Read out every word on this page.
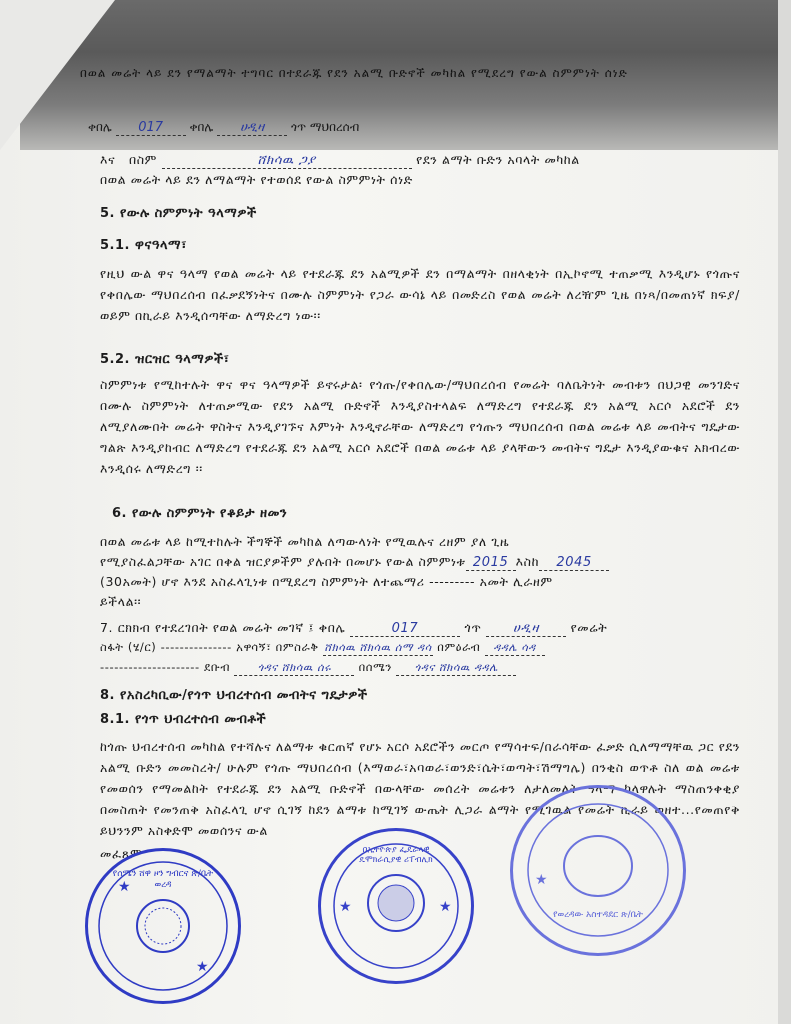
በወል መሬት ላይ ደን የማልማት ተግባር በተደራጁ የደን አልሚ ቡድኖች መካከል የሚደረግ የውል ስምምነት ሰነድ
ቀበሌ 017 ቀበሌ ሀዲዛ ጎጥ ማህበረሰብ
እና በስም	ሸክሳዉ ጋያ	የደን ልማት ቡድን አባላት መካከል
በወል መሬት ላይ ደን ለማልማት የተወሰደ የውል ስምምነት ሰነድ
5. የውሉ ስምምነት ዓላማዎች
5.1. ዋናዓላማ፣
የዚህ ውል ዋና ዓላማ የወል መሬት ላይ የተደራጁ ደን አልሚዎች ደን በማልማት በዘላቂነት በኢኮኖሚ ተጠቃሚ እንዲሆኑ የጎጡና የቀበሌው ማህበረሰብ በፈቃደኝነትና በሙሉ ስምምነት የጋራ ውሳኔ ላይ በመድረስ የወል መሬት ለረዥም ጊዜ በነጻ/በመጠነኛ ክፍያ/ ወይም በኪራይ እንዲሰጣቸው ለማድረግ ነው፡፡
5.2. ዝርዝር ዓላማዎች፣
ስምምነቱ የሚከተሉት ዋና ዋና ዓላማዎች ይኖሩታል፡ የጎጡ/የቀበሌው/ማህበረሰብ የመሬት ባለቤትነት መብቱን በህጋዊ መንገድና በሙሉ ስምምነት ለተጠቃሚው የደን አልሚ ቡድኖች እንዲያስተላልፍ ለማድረግ የተደራጁ ደን አልሚ አርሶ አደሮች ደን ለሚያለሙበት መሬት ዋስትና እንዲያገኙና እምነት እንዲኖራቸው ለማድረግ የጎጡን ማህበረሰብ በወል መሬቱ ላይ መብትና ግዴታው ግልጽ እንዲያከብር ለማድረግ የተደራጁ ደን አልሚ አርሶ አደሮች በወል መሬቱ ላይ ያላቸውን መብትና ግዴታ እንዲያውቁና አክብረው እንዲሰሩ ለማድረግ ፡፡
6. የውሉ ስምምነት የቆይታ ዘመን
በወል መሬቱ ላይ ከሚተከሉት ችግኞች መካከል ለጣውላነት የሚዉሉና ረዘም ያለ ጊዜ
የሚያስፈልጋቸው አገር በቀል ዝርያዎችም ያሉበት በመሆኑ የውል ስምምነቱ 2015 እስከ 2045
(30አመት) ሆኖ እንደ አስፈላጊነቱ በሚደረግ ስምምነት ለተጨማሪ --------- አመት ሊራዘም
ይችላል፡፡
7. ርክክብ የተደረገበት የወል መሬት መገኛ ፤ ቀበሌ	017	ጎጥ ሀዲዛ	የመሬት
ስፋት (ሄ/ር) --------------- አዋሳኝ፣ በምስራቅ ሸክሳዉ ሸክሳዉ ሰማ ዳሳ በምዕራብ ዳዳሌ ሳዳ
--------------------- ደቡብ	ጎዳና ሸክሳዉ ሰሩ በሰሜን ጎዳና ሸክሳዉ ዳዳሌ
8. የአስረካቢው/የጎጥ ህብረተሰብ መብትና ግዴታዎች
8.1. የጎጥ ህብረተሰብ መብቶች
ከጎጡ ህብረተሰብ መካከል የተሻሉና ለልማቱ ቁርጠኛ የሆኑ አርሶ አደሮችን መርጦ የማሳተፍ/በራሳቸው ፈቃድ ሲለማማቸዉ ጋር የደን አልሚ ቡድን መመስረት/ ሁሉም የጎጡ ማህበረሰብ (እማወራ፣አባወራ፣ወንድ፣ሴት፣ወጣት፣ሽማግሌ) በንቂስ ወጥቶ ስለ ወል መሬቱ የመወሰን የማመልከት የተደራጁ ደን አልሚ ቡድኖች በውላቸው መሰረት መሬቱን ለታለመለት ዓላማ ካላዋሉት ማስጠንቀቂያ በመስጠት የመንጠቅ አስፈላጊ ሆኖ ሲገኝ ከደን ልማቱ ከሚገኝ ውጤት ሊጋራ ልማት የሚገዉል የመሬት ኪራይ ወዘተ...የመጠየቅ ይህንንም አስቀድሞ መወሰንና ውል
መፈጸም
★
★
የሰሜን ሸዋ ዞን ግብርና ጽ/ቤት ወረዳ
★	★
በኢትዮጵያ ፌዴራላዊ ዴሞክራሲያዊ ሪፐብሊክ
★
የወረዳው አስተዳደር ጽ/ቤት
